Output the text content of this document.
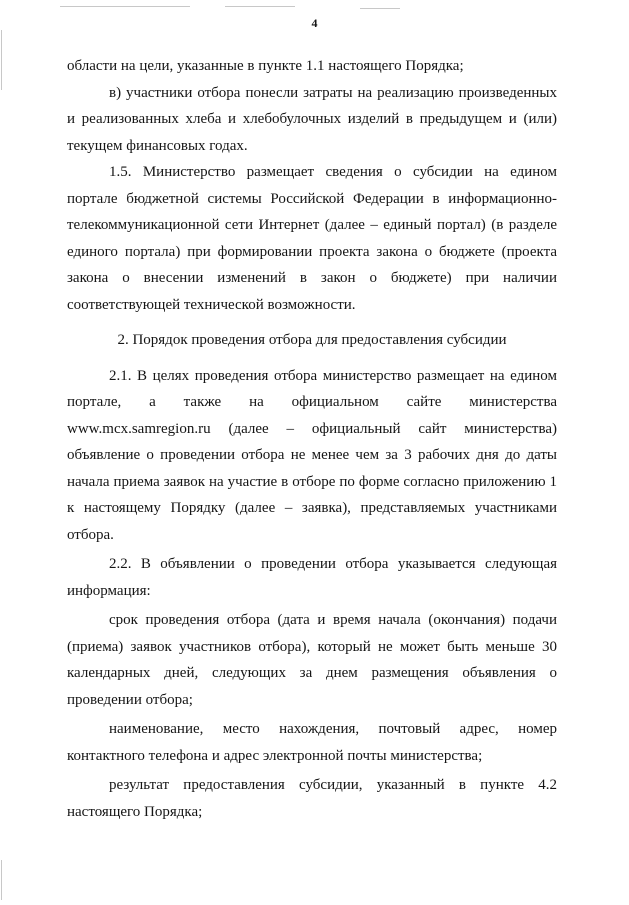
4

области на цели, указанные в пункте 1.1 настоящего Порядка;

в) участники отбора понесли затраты на реализацию произведенных и реализованных хлеба и хлебобулочных изделий в предыдущем и (или) текущем финансовых годах.

1.5. Министерство размещает сведения о субсидии на едином портале бюджетной системы Российской Федерации в информационно-телекоммуникационной сети Интернет (далее – единый портал) (в разделе единого портала) при формировании проекта закона о бюджете (проекта закона о внесении изменений в закон о бюджете) при наличии соответствующей технической возможности.

2. Порядок проведения отбора для предоставления субсидии

2.1. В целях проведения отбора министерство размещает на едином портале, а также на официальном сайте министерства www.mcx.samregion.ru (далее – официальный сайт министерства) объявление о проведении отбора не менее чем за 3 рабочих дня до даты начала приема заявок на участие в отборе по форме согласно приложению 1 к настоящему Порядку (далее – заявка), представляемых участниками отбора.

2.2. В объявлении о проведении отбора указывается следующая информация:

срок проведения отбора (дата и время начала (окончания) подачи (приема) заявок участников отбора), который не может быть меньше 30 календарных дней, следующих за днем размещения объявления о проведении отбора;

наименование, место нахождения, почтовый адрес, номер контактного телефона и адрес электронной почты министерства;

результат предоставления субсидии, указанный в пункте 4.2 настоящего Порядка;
